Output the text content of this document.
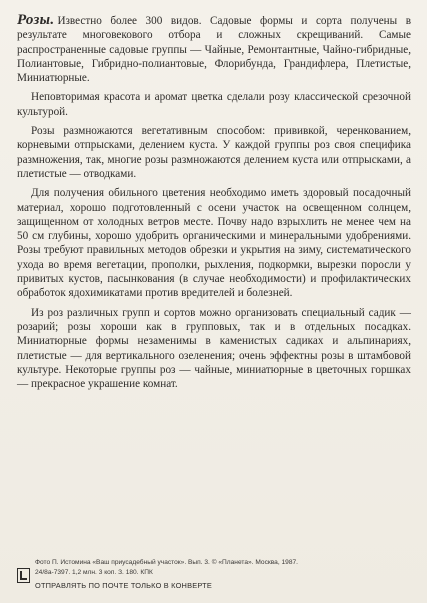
Розы. Известно более 300 видов. Садовые формы и сорта получены в результате многовекового отбора и сложных скрещиваний. Самые распространенные садовые группы — Чайные, Ремонтантные, Чайно-гибридные, Полиантовые, Гибридно-полиантовые, Флорибунда, Грандифлера, Плетистые, Миниатюрные.

Неповторимая красота и аромат цветка сделали розу классической срезочной культурой.

Розы размножаются вегетативным способом: прививкой, черенкованием, корневыми отпрысками, делением куста. У каждой группы роз своя специфика размножения, так, многие розы размножаются делением куста или отпрысками, а плетистые — отводками.

Для получения обильного цветения необходимо иметь здоровый посадочный материал, хорошо подготовленный с осени участок на освещенном солнцем, защищенном от холодных ветров месте. Почву надо взрыхлить не менее чем на 50 см глубины, хорошо удобрить органическими и минеральными удобрениями. Розы требуют правильных методов обрезки и укрытия на зиму, систематического ухода во время вегетации, прополки, рыхления, подкормки, вырезки поросли у привитых кустов, пасынкования (в случае необходимости) и профилактических обработок ядохимикатами против вредителей и болезней.

Из роз различных групп и сортов можно организовать специальный садик — розарий; розы хороши как в групповых, так и в отдельных посадках. Миниатюрные формы незаменимы в каменистых садиках и альпинариях, плетистые — для вертикального озеленения; очень эффектны розы в штамбовой культуре. Некоторые группы роз — чайные, миниатюрные в цветочных горшках — прекрасное украшение комнат.

Фото П. Истомина «Ваш приусадебный участок». Вып. 3. © «Планета». Москва, 1987.
24/8а-7397. 1,2 млн. 3 коп. З. 180. КПК
ОТПРАВЛЯТЬ ПО ПОЧТЕ ТОЛЬКО В КОНВЕРТЕ
